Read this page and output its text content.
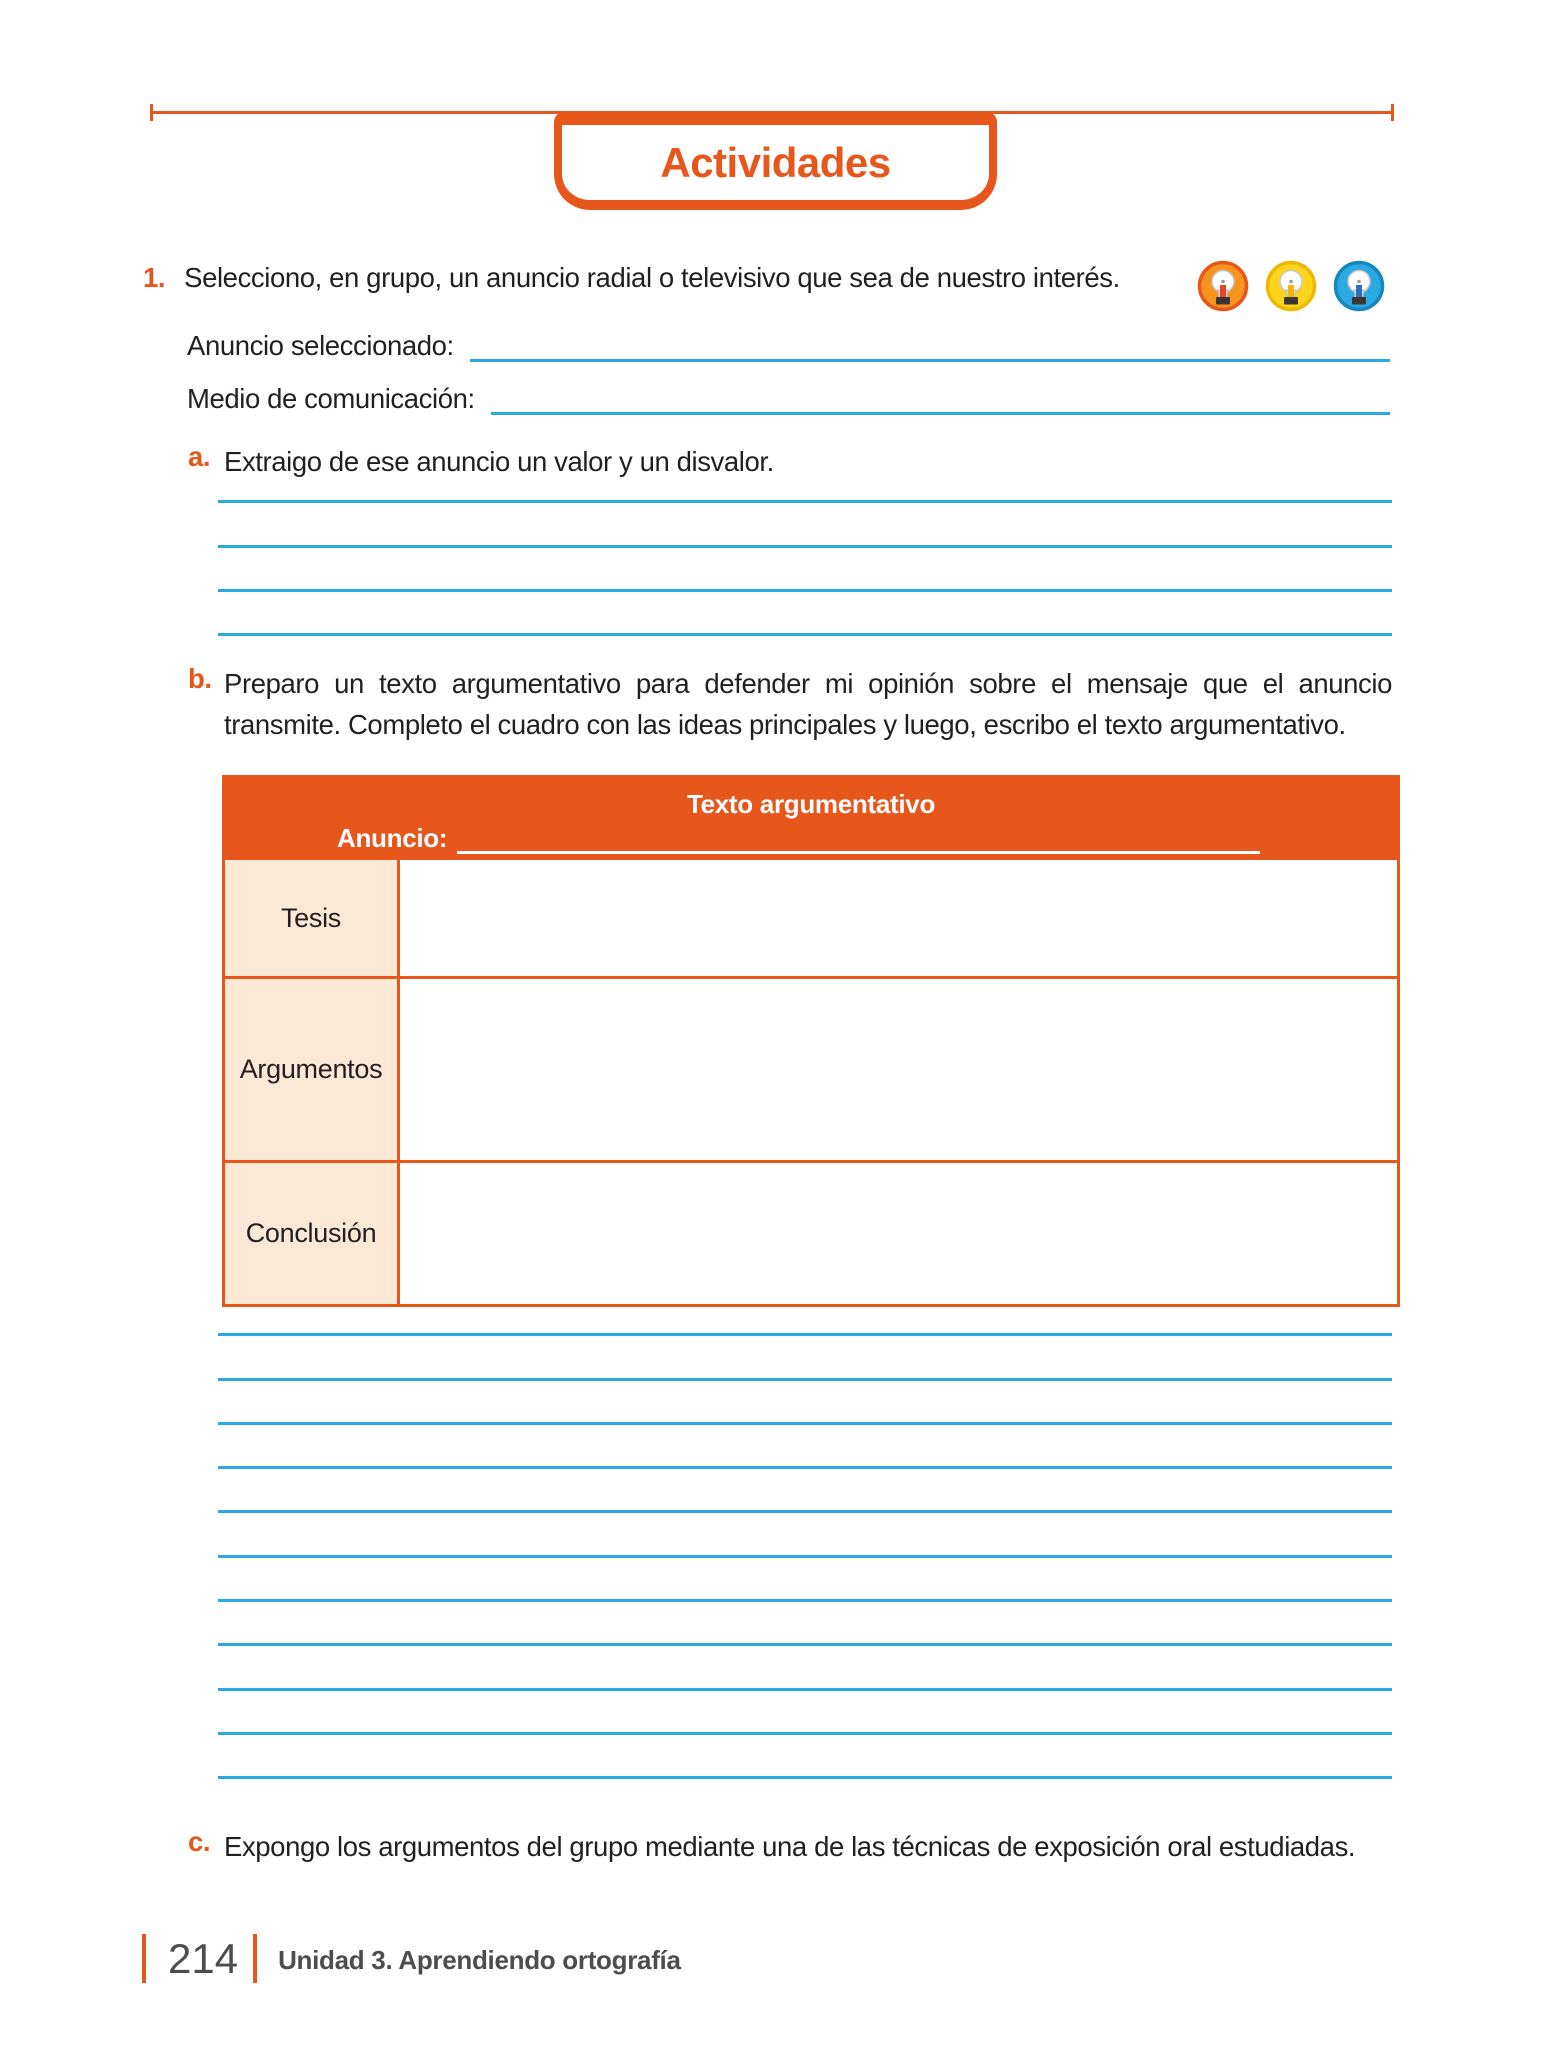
Actividades
1. Selecciono, en grupo, un anuncio radial o televisivo que sea de nuestro interés.
Anuncio seleccionado:
Medio de comunicación:
a. Extraigo de ese anuncio un valor y un disvalor.
b. Preparo un texto argumentativo para defender mi opinión sobre el mensaje que el anuncio transmite. Completo el cuadro con las ideas principales y luego, escribo el texto argumentativo.
Texto argumentativo
Anuncio:
Tesis
Argumentos
Conclusión
c. Expongo los argumentos del grupo mediante una de las técnicas de exposición oral estudiadas.
214 Unidad 3. Aprendiendo ortografía
